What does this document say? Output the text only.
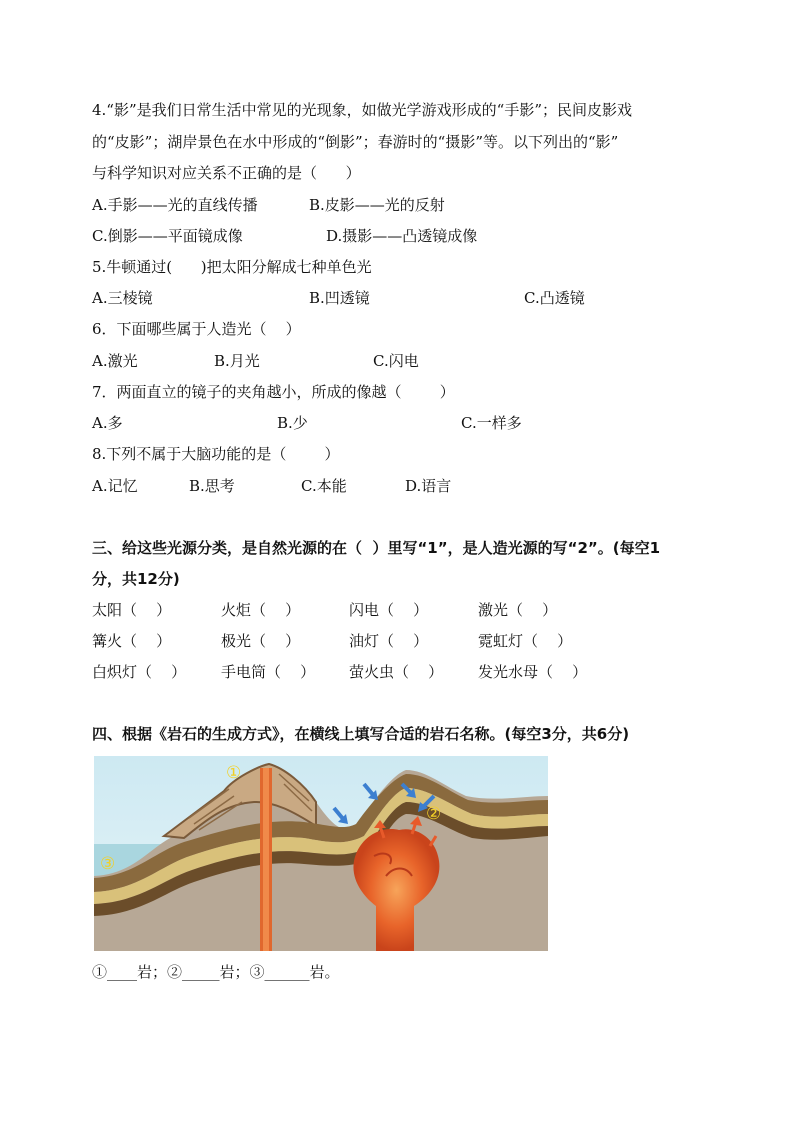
4.“影”是我们日常生活中常见的光现象，如做光学游戏形成的“手影”；民间皮影戏
的“皮影”；湖岸景色在水中形成的“倒影”；春游时的“摄影”等。以下列出的“影”
与科学知识对应关系不正确的是（      ）
A.手影——光的直线传播	B.皮影——光的反射
C.倒影——平面镜成像	D.摄影——凸透镜成像
5.牛顿通过(      )把太阳分解成七种单色光
A.三棱镜	B.凹透镜	C.凸透镜
6．下面哪些属于人造光（    ）
A.激光	B.月光	C.闪电
7．两面直立的镜子的夹角越小，所成的像越（        ）
A.多	B.少	C.一样多
8.下列不属于大脑功能的是（        ）
A.记忆	B.思考	C.本能	D.语言
三、给这些光源分类，是自然光源的在（  ）里写“1”，是人造光源的写“2”。(每空1
分，共12分)
太阳（    ）	火炬（    ）	闪电（    ）	激光（    ）
篝火（    ）	极光（    ）	油灯（    ）	霓虹灯（    ）
白炽灯（    ） 手电筒（    ） 萤火虫（    ） 发光水母（    ）
四、根据《岩石的生成方式》，在横线上填写合适的岩石名称。(每空3分，共6分)
①
②
③
①____岩；②_____岩；③______岩。
